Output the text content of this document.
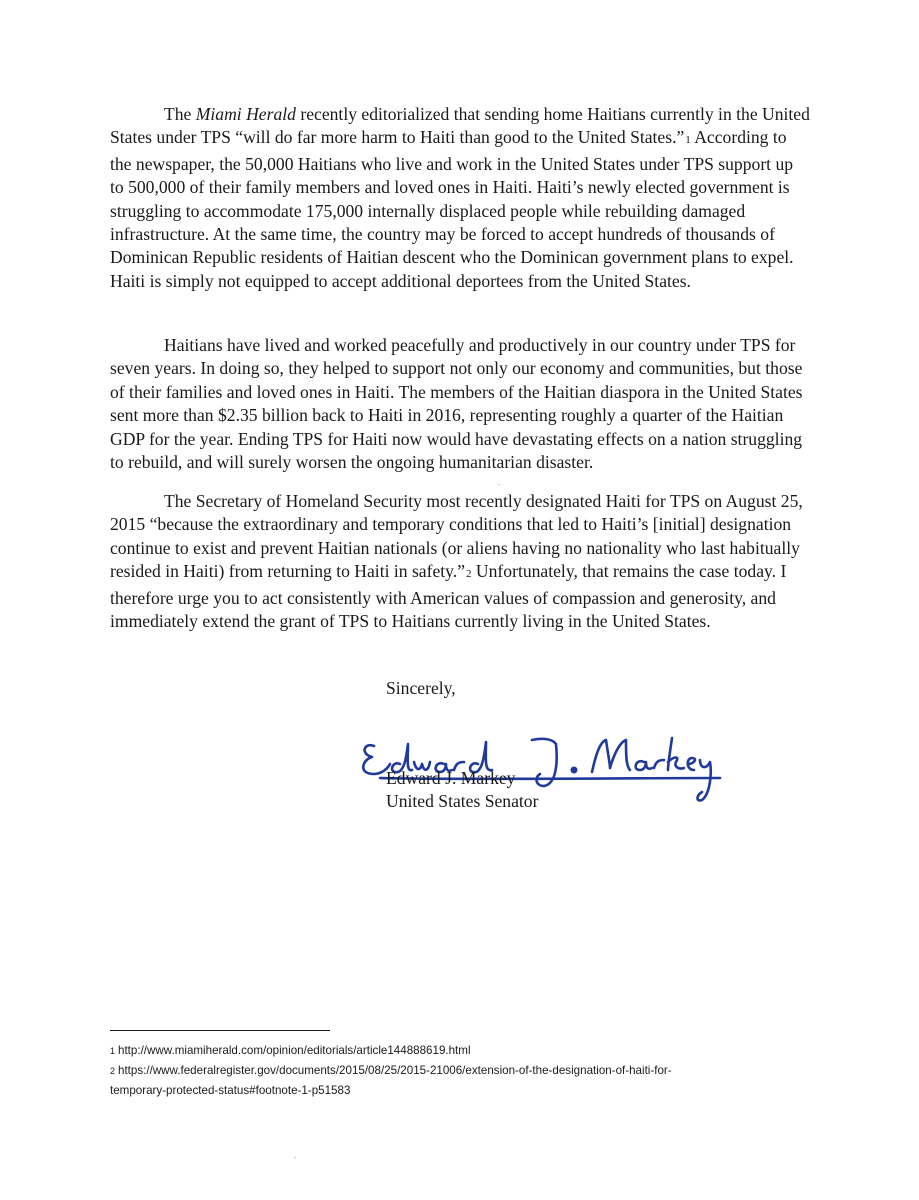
The Miami Herald recently editorialized that sending home Haitians currently in the United States under TPS “will do far more harm to Haiti than good to the United States.”1 According to the newspaper, the 50,000 Haitians who live and work in the United States under TPS support up to 500,000 of their family members and loved ones in Haiti. Haiti’s newly elected government is struggling to accommodate 175,000 internally displaced people while rebuilding damaged infrastructure. At the same time, the country may be forced to accept hundreds of thousands of Dominican Republic residents of Haitian descent who the Dominican government plans to expel. Haiti is simply not equipped to accept additional deportees from the United States.

Haitians have lived and worked peacefully and productively in our country under TPS for seven years. In doing so, they helped to support not only our economy and communities, but those of their families and loved ones in Haiti. The members of the Haitian diaspora in the United States sent more than $2.35 billion back to Haiti in 2016, representing roughly a quarter of the Haitian GDP for the year. Ending TPS for Haiti now would have devastating effects on a nation struggling to rebuild, and will surely worsen the ongoing humanitarian disaster.

The Secretary of Homeland Security most recently designated Haiti for TPS on August 25, 2015 “because the extraordinary and temporary conditions that led to Haiti’s [initial] designation continue to exist and prevent Haitian nationals (or aliens having no nationality who last habitually resided in Haiti) from returning to Haiti in safety.”2 Unfortunately, that remains the case today. I therefore urge you to act consistently with American values of compassion and generosity, and immediately extend the grant of TPS to Haitians currently living in the United States.

Sincerely,
Edward J. Markey
United States Senator

1 http://www.miamiherald.com/opinion/editorials/article144888619.html

2 https://www.federalregister.gov/documents/2015/08/25/2015-21006/extension-of-the-designation-of-haiti-for-

temporary-protected-status#footnote-1-p51583
